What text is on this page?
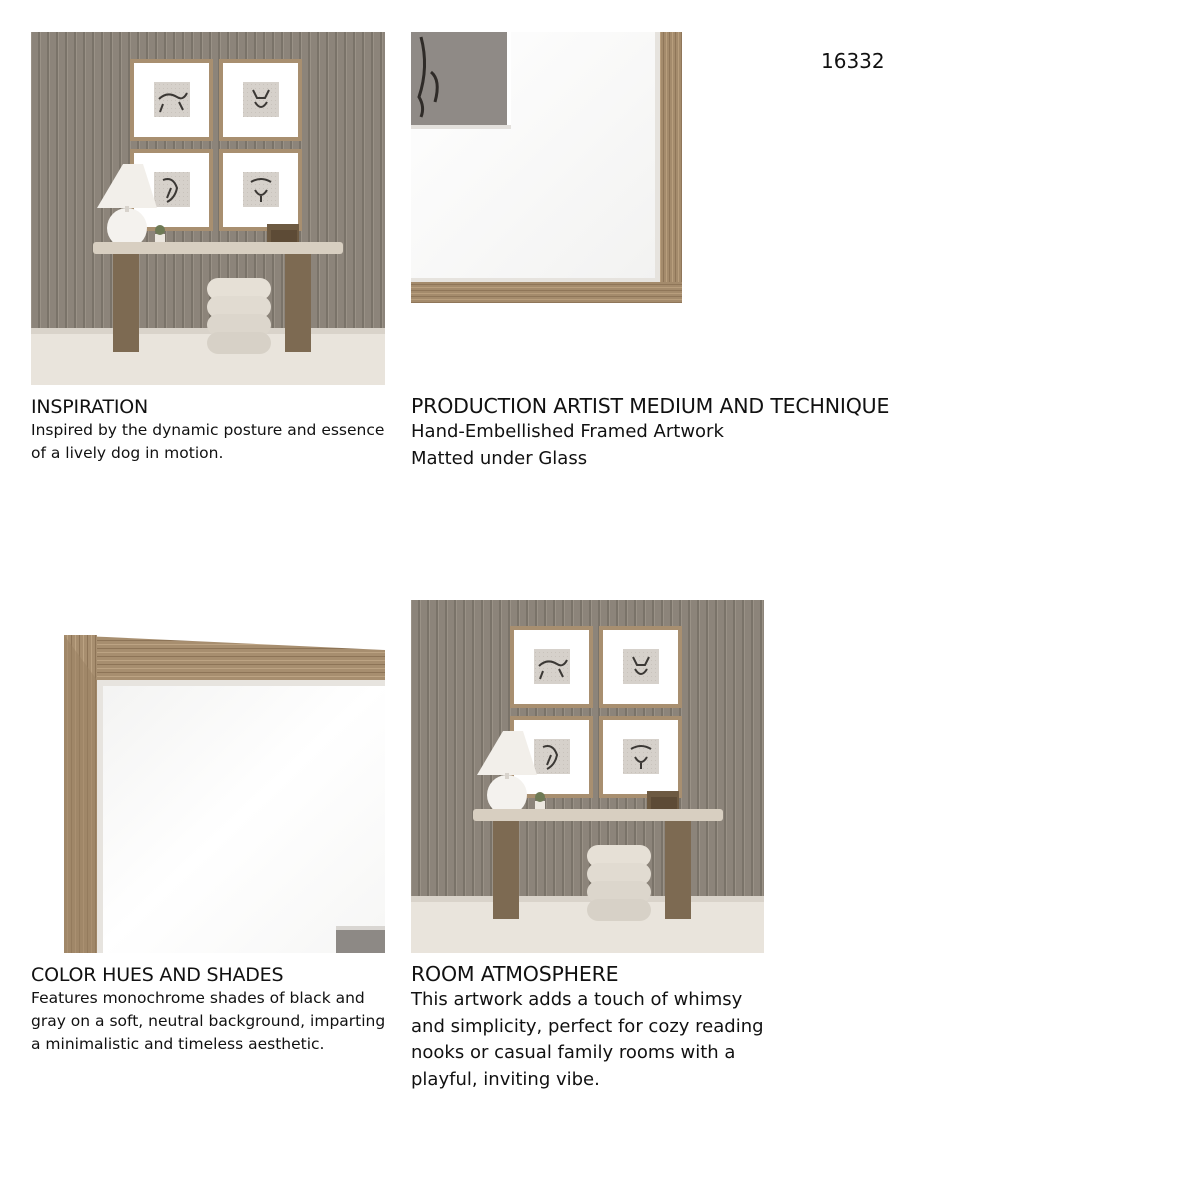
16332
INSPIRATION

Inspired by the dynamic posture and essence

of a lively dog in motion.

PRODUCTION ARTIST MEDIUM AND TECHNIQUE

Hand-Embellished Framed Artwork

Matted under Glass

COLOR HUES AND SHADES

Features monochrome shades of black and

gray on a soft, neutral background, imparting

a minimalistic and timeless aesthetic.

ROOM ATMOSPHERE

This artwork adds a touch of whimsy

and simplicity, perfect for cozy reading

nooks or casual family rooms with a

playful, inviting vibe.
